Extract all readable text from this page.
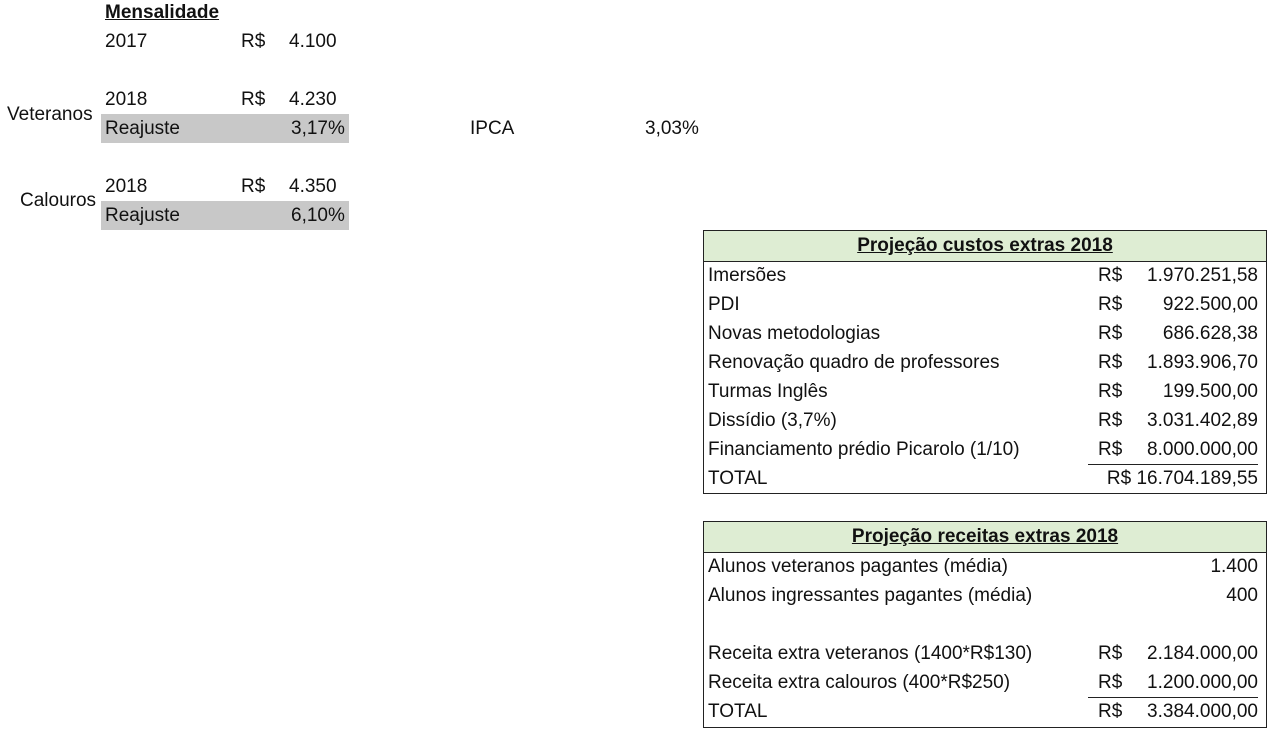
Mensalidade
2017	R$ 4.100
Veteranos
2018	R$ 4.230
Reajuste	3,17%	IPCA	3,03%
Calouros
2018	R$ 4.350
Reajuste	6,10%
Projeção custos extras 2018
Imersões	R$ 1.970.251,58
PDI	R$ 922.500,00
Novas metodologias	R$ 686.628,38
Renovação quadro de professores	R$ 1.893.906,70
Turmas Inglês	R$ 199.500,00
Dissídio (3,7%)	R$ 3.031.402,89
Financiamento prédio Picarolo (1/10)	R$ 8.000.000,00
TOTAL	R$ 16.704.189,55
Projeção receitas extras 2018
Alunos veteranos pagantes (média)	1.400
Alunos ingressantes pagantes (média)	400
Receita extra veteranos (1400*R$130)	R$ 2.184.000,00
Receita extra calouros (400*R$250)	R$ 1.200.000,00
TOTAL	R$ 3.384.000,00
